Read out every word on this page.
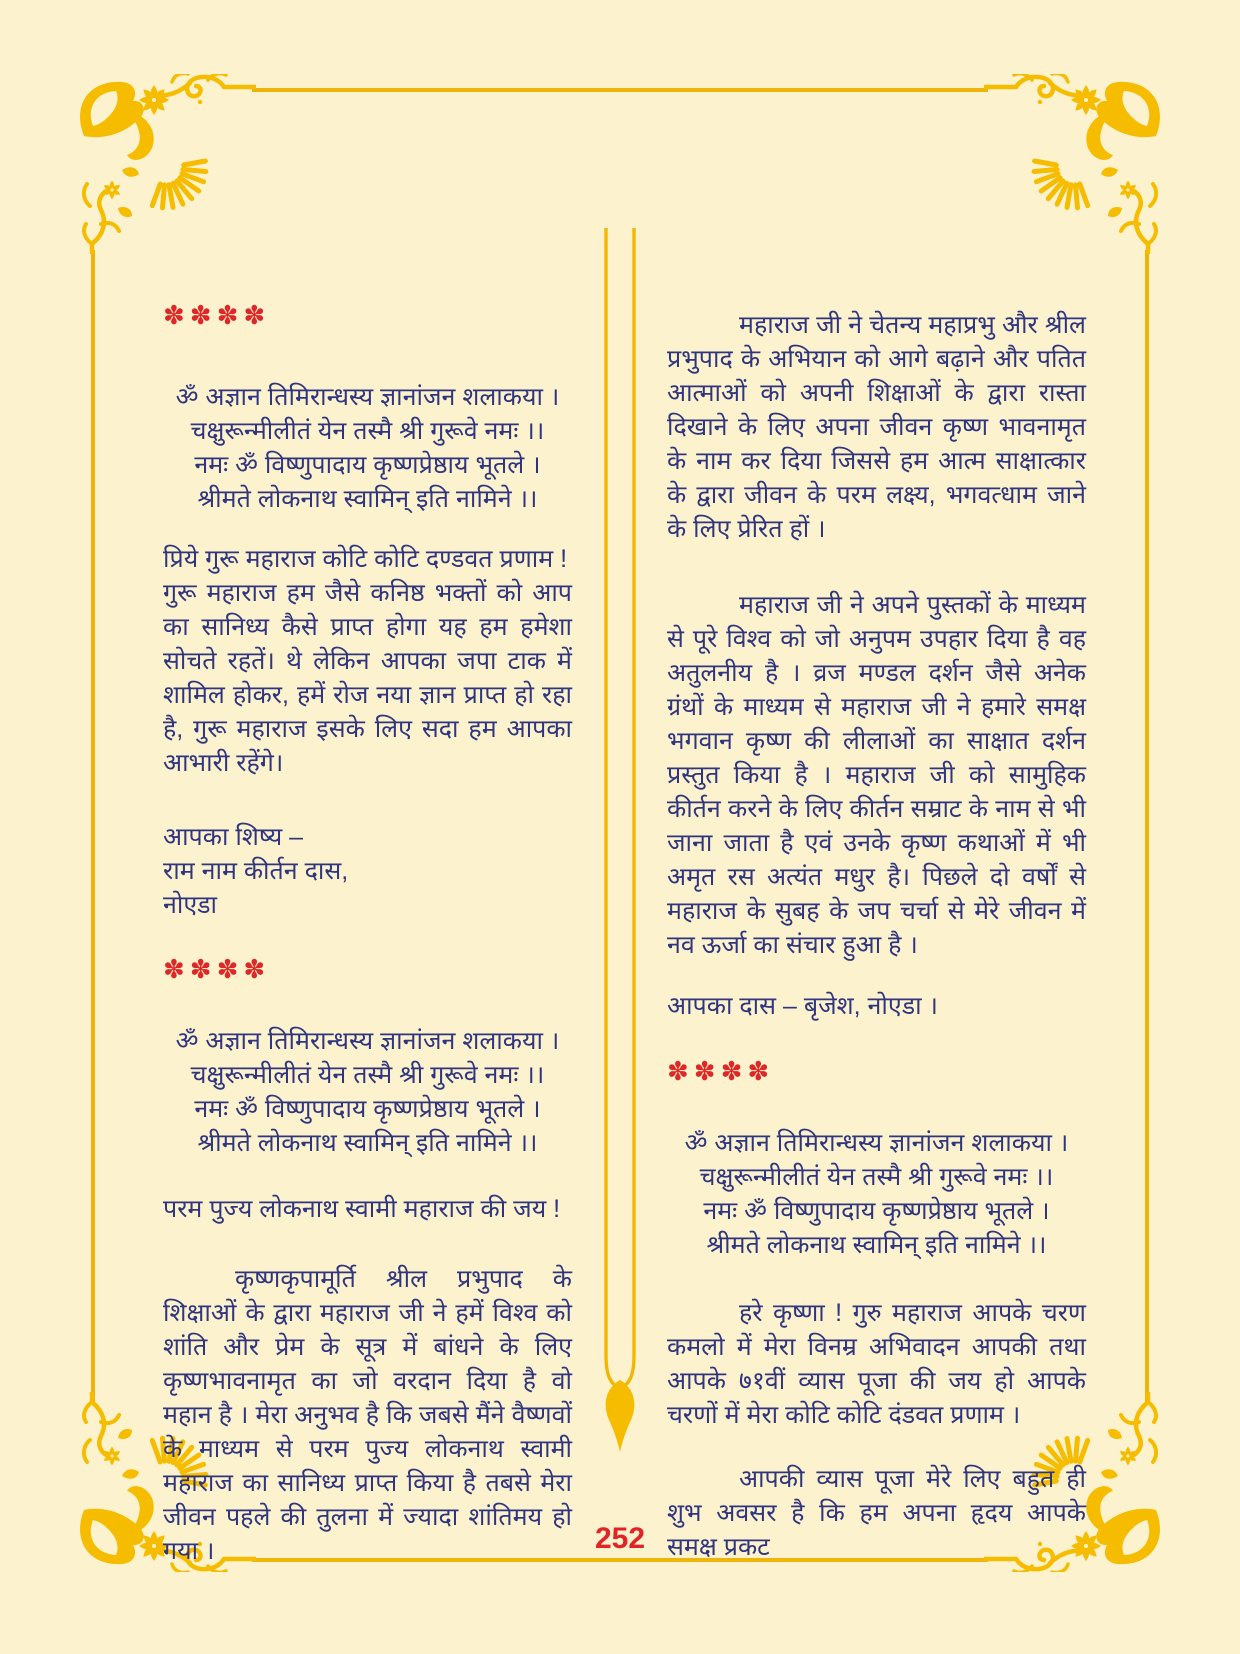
✽✽✽✽
ॐ अज्ञान तिमिरान्धस्य ज्ञानांजन शलाकया ।
चक्षुरून्मीलीतं येन तस्मै श्री गुरूवे नमः ।।
नमः ॐ विष्णुपादाय कृष्णप्रेष्ठाय भूतले ।
श्रीमते लोकनाथ स्वामिन् इति नामिने ।।
प्रिये गुरू महाराज कोटि कोटि दण्डवत प्रणाम !

गुरू महाराज हम जैसे कनिष्ठ भक्तों को आप का सानिध्य कैसे प्राप्त होगा यह हम हमेशा सोचते रहतें। थे लेकिन आपका जपा टाक में शामिल होकर, हमें रोज नया ज्ञान प्राप्त हो रहा है, गुरू महाराज इसके लिए सदा हम आपका आभारी रहेंगे।

आपका शिष्य –
राम नाम कीर्तन दास,
नोएडा
✽✽✽✽
ॐ अज्ञान तिमिरान्धस्य ज्ञानांजन शलाकया ।
चक्षुरून्मीलीतं येन तस्मै श्री गुरूवे नमः ।।
नमः ॐ विष्णुपादाय कृष्णप्रेष्ठाय भूतले ।
श्रीमते लोकनाथ स्वामिन् इति नामिने ।।
परम पुज्य लोकनाथ स्वामी महाराज की जय !

कृष्णकृपामूर्ति श्रील प्रभुपाद के शिक्षाओं के द्वारा महाराज जी ने हमें विश्व को शांति और प्रेम के सूत्र में बांधने के लिए कृष्णभावनामृत का जो वरदान दिया है वो महान है । मेरा अनुभव है कि जबसे मैंने वैष्णवों के माध्यम से परम पुज्य लोकनाथ स्वामी महाराज का सानिध्य प्राप्त किया है तबसे मेरा जीवन पहले की तुलना में ज्यादा शांतिमय हो गया ।

महाराज जी ने चेतन्य महाप्रभु और श्रील प्रभुपाद के अभियान को आगे बढ़ाने और पतित आत्माओं को अपनी शिक्षाओं के द्वारा रास्ता दिखाने के लिए अपना जीवन कृष्ण भावनामृत के नाम कर दिया जिससे हम आत्म साक्षात्कार के द्वारा जीवन के परम लक्ष्य, भगवत्धाम जाने के लिए प्रेरित हों ।

महाराज जी ने अपने पुस्तकों के माध्यम से पूरे विश्व को जो अनुपम उपहार दिया है वह अतुलनीय है । व्रज मण्डल दर्शन जैसे अनेक ग्रंथों के माध्यम से महाराज जी ने हमारे समक्ष भगवान कृष्ण की लीलाओं का साक्षात दर्शन प्रस्तुत किया है । महाराज जी को सामुहिक कीर्तन करने के लिए कीर्तन सम्राट के नाम से भी जाना जाता है एवं उनके कृष्ण कथाओं में भी अमृत रस अत्यंत मधुर है। पिछले दो वर्षों से महाराज के सुबह के जप चर्चा से मेरे जीवन में नव ऊर्जा का संचार हुआ है ।

आपका दास – बृजेश, नोएडा ।
✽✽✽✽
ॐ अज्ञान तिमिरान्धस्य ज्ञानांजन शलाकया ।
चक्षुरून्मीलीतं येन तस्मै श्री गुरूवे नमः ।।
नमः ॐ विष्णुपादाय कृष्णप्रेष्ठाय भूतले ।
श्रीमते लोकनाथ स्वामिन् इति नामिने ।।

हरे कृष्णा ! गुरु महाराज आपके चरण कमलो में मेरा विनम्र अभिवादन आपकी तथा आपके ७१वीं व्यास पूजा की जय हो आपके चरणों में मेरा कोटि कोटि दंडवत प्रणाम ।

आपकी व्यास पूजा मेरे लिए बहुत ही शुभ अवसर है कि हम अपना हृदय आपके समक्ष प्रकट

252
